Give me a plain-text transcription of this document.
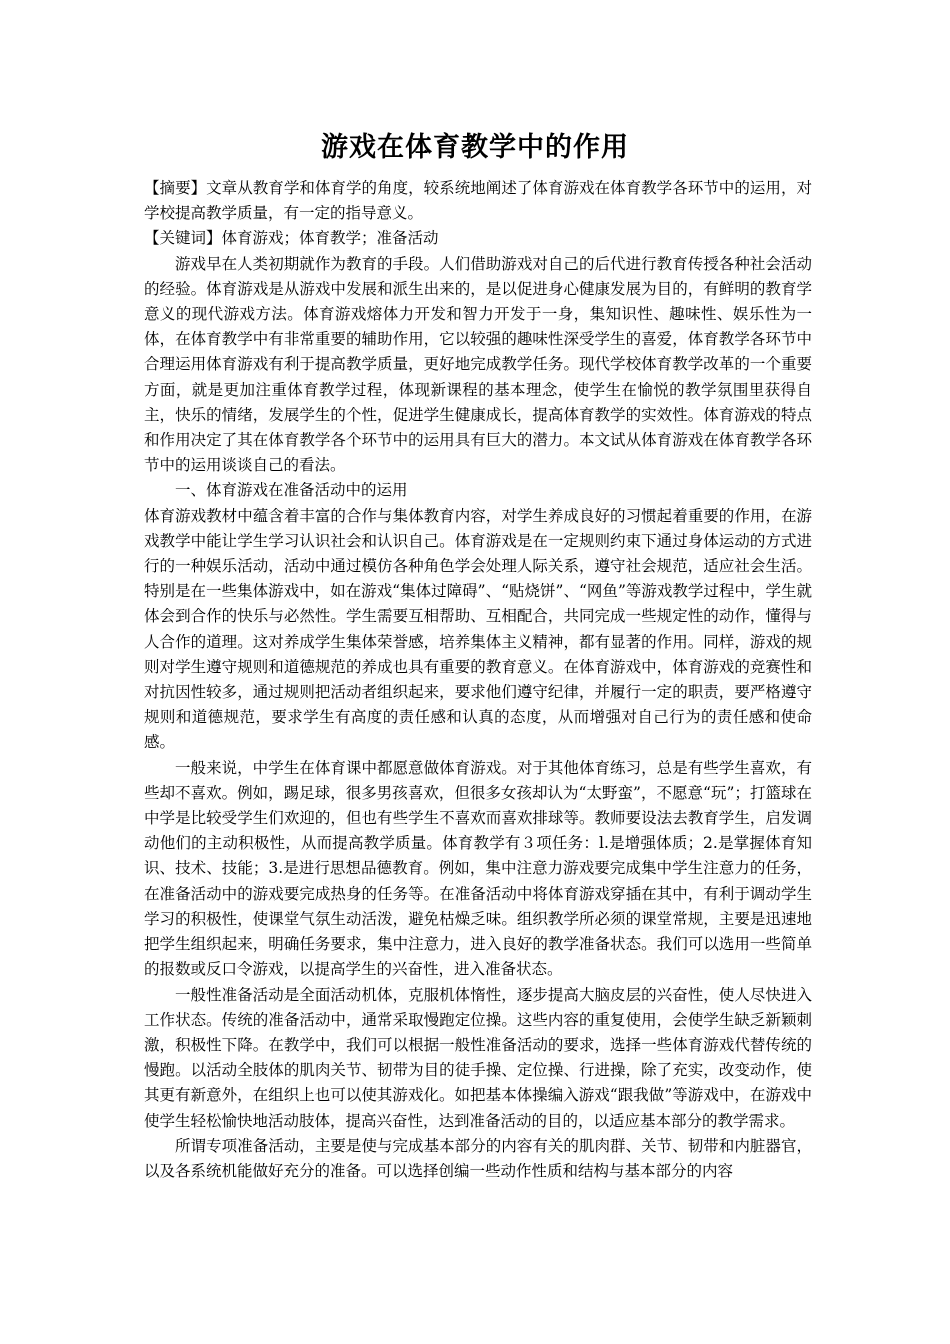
游戏在体育教学中的作用

【摘要】文章从教育学和体育学的角度，较系统地阐述了体育游戏在体育教学各环节中的运用，对学校提高教学质量，有一定的指导意义。

【关键词】体育游戏；体育教学；准备活动

游戏早在人类初期就作为教育的手段。人们借助游戏对自己的后代进行教育传授各种社会活动的经验。体育游戏是从游戏中发展和派生出来的，是以促进身心健康发展为目的，有鲜明的教育学意义的现代游戏方法。体育游戏熔体力开发和智力开发于一身，集知识性、趣味性、娱乐性为一体，在体育教学中有非常重要的辅助作用，它以较强的趣味性深受学生的喜爱，体育教学各环节中合理运用体育游戏有利于提高教学质量，更好地完成教学任务。现代学校体育教学改革的一个重要方面，就是更加注重体育教学过程，体现新课程的基本理念，使学生在愉悦的教学氛围里获得自主，快乐的情绪，发展学生的个性，促进学生健康成长，提高体育教学的实效性。体育游戏的特点和作用决定了其在体育教学各个环节中的运用具有巨大的潜力。本文试从体育游戏在体育教学各环节中的运用谈谈自己的看法。

一、体育游戏在准备活动中的运用

体育游戏教材中蕴含着丰富的合作与集体教育内容，对学生养成良好的习惯起着重要的作用，在游戏教学中能让学生学习认识社会和认识自己。体育游戏是在一定规则约束下通过身体运动的方式进行的一种娱乐活动，活动中通过模仿各种角色学会处理人际关系，遵守社会规范，适应社会生活。特别是在一些集体游戏中，如在游戏“集体过障碍”、“贴烧饼”、“网鱼”等游戏教学过程中，学生就体会到合作的快乐与必然性。学生需要互相帮助、互相配合，共同完成一些规定性的动作，懂得与人合作的道理。这对养成学生集体荣誉感，培养集体主义精神，都有显著的作用。同样，游戏的规则对学生遵守规则和道德规范的养成也具有重要的教育意义。在体育游戏中，体育游戏的竞赛性和对抗因性较多，通过规则把活动者组织起来，要求他们遵守纪律，并履行一定的职责，要严格遵守规则和道德规范，要求学生有高度的责任感和认真的态度，从而增强对自己行为的责任感和使命感。

一般来说，中学生在体育课中都愿意做体育游戏。对于其他体育练习，总是有些学生喜欢，有些却不喜欢。例如，踢足球，很多男孩喜欢，但很多女孩却认为“太野蛮”，不愿意“玩”；打篮球在中学是比较受学生们欢迎的，但也有些学生不喜欢而喜欢排球等。教师要设法去教育学生，启发调动他们的主动积极性，从而提高教学质量。体育教学有３项任务：l.是增强体质；2.是掌握体育知识、技术、技能；3.是进行思想品德教育。例如，集中注意力游戏要完成集中学生注意力的任务，在准备活动中的游戏要完成热身的任务等。在准备活动中将体育游戏穿插在其中，有利于调动学生学习的积极性，使课堂气氛生动活泼，避免枯燥乏味。组织教学所必须的课堂常规，主要是迅速地把学生组织起来，明确任务要求，集中注意力，进入良好的教学准备状态。我们可以选用一些简单的报数或反口令游戏，以提高学生的兴奋性，进入准备状态。

一般性准备活动是全面活动机体，克服机体惰性，逐步提高大脑皮层的兴奋性，使人尽快进入工作状态。传统的准备活动中，通常采取慢跑定位操。这些内容的重复使用，会使学生缺乏新颖刺激，积极性下降。在教学中，我们可以根据一般性准备活动的要求，选择一些体育游戏代替传统的慢跑。以活动全肢体的肌肉关节、韧带为目的徒手操、定位操、行进操，除了充实，改变动作，使其更有新意外，在组织上也可以使其游戏化。如把基本体操编入游戏“跟我做”等游戏中，在游戏中使学生轻松愉快地活动肢体，提高兴奋性，达到准备活动的目的，以适应基本部分的教学需求。

所谓专项准备活动，主要是使与完成基本部分的内容有关的肌肉群、关节、韧带和内脏器官，以及各系统机能做好充分的准备。可以选择创编一些动作性质和结构与基本部分的内容
